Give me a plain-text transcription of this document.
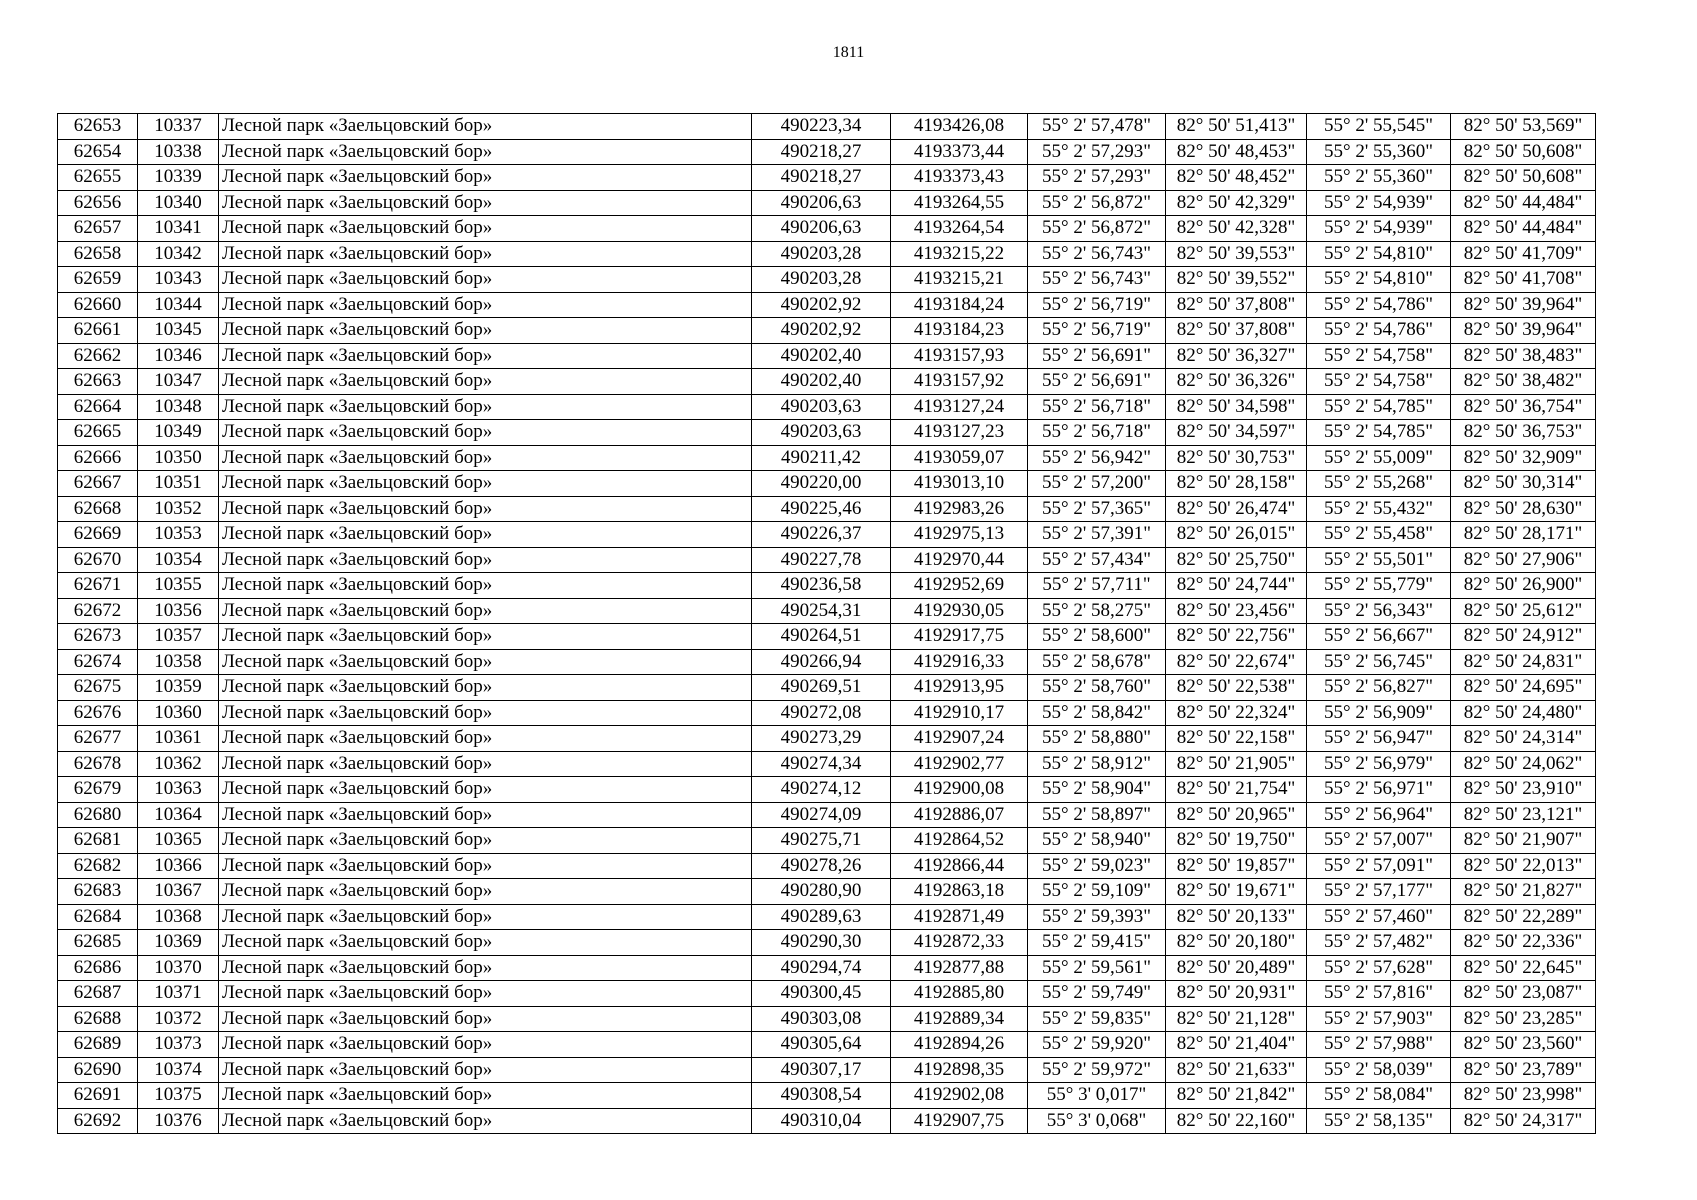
1811
62653	10337	Лесной парк «Заельцовский бор»	490223,34	4193426,08	55° 2' 57,478"	82° 50' 51,413"	55° 2' 55,545"	82° 50' 53,569"
62654	10338	Лесной парк «Заельцовский бор»	490218,27	4193373,44	55° 2' 57,293"	82° 50' 48,453"	55° 2' 55,360"	82° 50' 50,608"
62655	10339	Лесной парк «Заельцовский бор»	490218,27	4193373,43	55° 2' 57,293"	82° 50' 48,452"	55° 2' 55,360"	82° 50' 50,608"
62656	10340	Лесной парк «Заельцовский бор»	490206,63	4193264,55	55° 2' 56,872"	82° 50' 42,329"	55° 2' 54,939"	82° 50' 44,484"
62657	10341	Лесной парк «Заельцовский бор»	490206,63	4193264,54	55° 2' 56,872"	82° 50' 42,328"	55° 2' 54,939"	82° 50' 44,484"
62658	10342	Лесной парк «Заельцовский бор»	490203,28	4193215,22	55° 2' 56,743"	82° 50' 39,553"	55° 2' 54,810"	82° 50' 41,709"
62659	10343	Лесной парк «Заельцовский бор»	490203,28	4193215,21	55° 2' 56,743"	82° 50' 39,552"	55° 2' 54,810"	82° 50' 41,708"
62660	10344	Лесной парк «Заельцовский бор»	490202,92	4193184,24	55° 2' 56,719"	82° 50' 37,808"	55° 2' 54,786"	82° 50' 39,964"
62661	10345	Лесной парк «Заельцовский бор»	490202,92	4193184,23	55° 2' 56,719"	82° 50' 37,808"	55° 2' 54,786"	82° 50' 39,964"
62662	10346	Лесной парк «Заельцовский бор»	490202,40	4193157,93	55° 2' 56,691"	82° 50' 36,327"	55° 2' 54,758"	82° 50' 38,483"
62663	10347	Лесной парк «Заельцовский бор»	490202,40	4193157,92	55° 2' 56,691"	82° 50' 36,326"	55° 2' 54,758"	82° 50' 38,482"
62664	10348	Лесной парк «Заельцовский бор»	490203,63	4193127,24	55° 2' 56,718"	82° 50' 34,598"	55° 2' 54,785"	82° 50' 36,754"
62665	10349	Лесной парк «Заельцовский бор»	490203,63	4193127,23	55° 2' 56,718"	82° 50' 34,597"	55° 2' 54,785"	82° 50' 36,753"
62666	10350	Лесной парк «Заельцовский бор»	490211,42	4193059,07	55° 2' 56,942"	82° 50' 30,753"	55° 2' 55,009"	82° 50' 32,909"
62667	10351	Лесной парк «Заельцовский бор»	490220,00	4193013,10	55° 2' 57,200"	82° 50' 28,158"	55° 2' 55,268"	82° 50' 30,314"
62668	10352	Лесной парк «Заельцовский бор»	490225,46	4192983,26	55° 2' 57,365"	82° 50' 26,474"	55° 2' 55,432"	82° 50' 28,630"
62669	10353	Лесной парк «Заельцовский бор»	490226,37	4192975,13	55° 2' 57,391"	82° 50' 26,015"	55° 2' 55,458"	82° 50' 28,171"
62670	10354	Лесной парк «Заельцовский бор»	490227,78	4192970,44	55° 2' 57,434"	82° 50' 25,750"	55° 2' 55,501"	82° 50' 27,906"
62671	10355	Лесной парк «Заельцовский бор»	490236,58	4192952,69	55° 2' 57,711"	82° 50' 24,744"	55° 2' 55,779"	82° 50' 26,900"
62672	10356	Лесной парк «Заельцовский бор»	490254,31	4192930,05	55° 2' 58,275"	82° 50' 23,456"	55° 2' 56,343"	82° 50' 25,612"
62673	10357	Лесной парк «Заельцовский бор»	490264,51	4192917,75	55° 2' 58,600"	82° 50' 22,756"	55° 2' 56,667"	82° 50' 24,912"
62674	10358	Лесной парк «Заельцовский бор»	490266,94	4192916,33	55° 2' 58,678"	82° 50' 22,674"	55° 2' 56,745"	82° 50' 24,831"
62675	10359	Лесной парк «Заельцовский бор»	490269,51	4192913,95	55° 2' 58,760"	82° 50' 22,538"	55° 2' 56,827"	82° 50' 24,695"
62676	10360	Лесной парк «Заельцовский бор»	490272,08	4192910,17	55° 2' 58,842"	82° 50' 22,324"	55° 2' 56,909"	82° 50' 24,480"
62677	10361	Лесной парк «Заельцовский бор»	490273,29	4192907,24	55° 2' 58,880"	82° 50' 22,158"	55° 2' 56,947"	82° 50' 24,314"
62678	10362	Лесной парк «Заельцовский бор»	490274,34	4192902,77	55° 2' 58,912"	82° 50' 21,905"	55° 2' 56,979"	82° 50' 24,062"
62679	10363	Лесной парк «Заельцовский бор»	490274,12	4192900,08	55° 2' 58,904"	82° 50' 21,754"	55° 2' 56,971"	82° 50' 23,910"
62680	10364	Лесной парк «Заельцовский бор»	490274,09	4192886,07	55° 2' 58,897"	82° 50' 20,965"	55° 2' 56,964"	82° 50' 23,121"
62681	10365	Лесной парк «Заельцовский бор»	490275,71	4192864,52	55° 2' 58,940"	82° 50' 19,750"	55° 2' 57,007"	82° 50' 21,907"
62682	10366	Лесной парк «Заельцовский бор»	490278,26	4192866,44	55° 2' 59,023"	82° 50' 19,857"	55° 2' 57,091"	82° 50' 22,013"
62683	10367	Лесной парк «Заельцовский бор»	490280,90	4192863,18	55° 2' 59,109"	82° 50' 19,671"	55° 2' 57,177"	82° 50' 21,827"
62684	10368	Лесной парк «Заельцовский бор»	490289,63	4192871,49	55° 2' 59,393"	82° 50' 20,133"	55° 2' 57,460"	82° 50' 22,289"
62685	10369	Лесной парк «Заельцовский бор»	490290,30	4192872,33	55° 2' 59,415"	82° 50' 20,180"	55° 2' 57,482"	82° 50' 22,336"
62686	10370	Лесной парк «Заельцовский бор»	490294,74	4192877,88	55° 2' 59,561"	82° 50' 20,489"	55° 2' 57,628"	82° 50' 22,645"
62687	10371	Лесной парк «Заельцовский бор»	490300,45	4192885,80	55° 2' 59,749"	82° 50' 20,931"	55° 2' 57,816"	82° 50' 23,087"
62688	10372	Лесной парк «Заельцовский бор»	490303,08	4192889,34	55° 2' 59,835"	82° 50' 21,128"	55° 2' 57,903"	82° 50' 23,285"
62689	10373	Лесной парк «Заельцовский бор»	490305,64	4192894,26	55° 2' 59,920"	82° 50' 21,404"	55° 2' 57,988"	82° 50' 23,560"
62690	10374	Лесной парк «Заельцовский бор»	490307,17	4192898,35	55° 2' 59,972"	82° 50' 21,633"	55° 2' 58,039"	82° 50' 23,789"
62691	10375	Лесной парк «Заельцовский бор»	490308,54	4192902,08	55° 3' 0,017"	82° 50' 21,842"	55° 2' 58,084"	82° 50' 23,998"
62692	10376	Лесной парк «Заельцовский бор»	490310,04	4192907,75	55° 3' 0,068"	82° 50' 22,160"	55° 2' 58,135"	82° 50' 24,317"
